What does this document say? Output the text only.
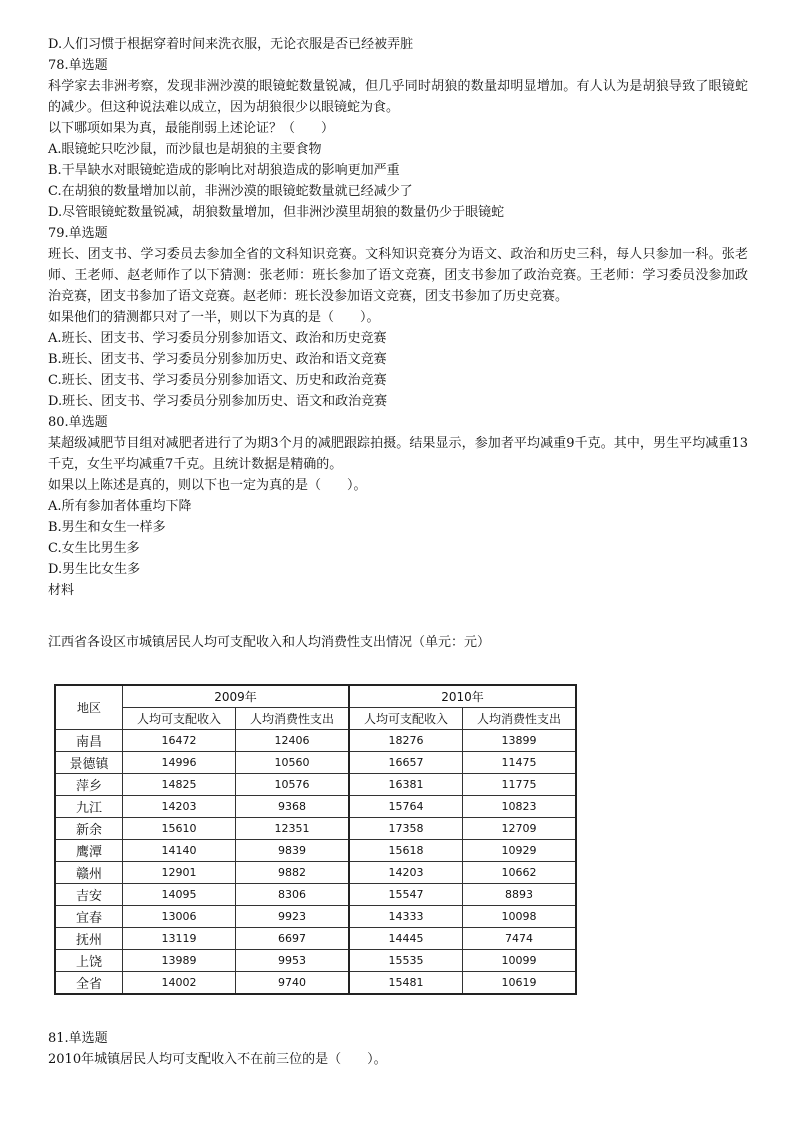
D.人们习惯于根据穿着时间来洗衣服，无论衣服是否已经被弄脏
78.单选题
科学家去非洲考察，发现非洲沙漠的眼镜蛇数量锐减，但几乎同时胡狼的数量却明显增加。有人认为是胡狼导致了眼镜蛇的减少。但这种说法难以成立，因为胡狼很少以眼镜蛇为食。
以下哪项如果为真，最能削弱上述论证？（　　）
A.眼镜蛇只吃沙鼠，而沙鼠也是胡狼的主要食物
B.干旱缺水对眼镜蛇造成的影响比对胡狼造成的影响更加严重
C.在胡狼的数量增加以前，非洲沙漠的眼镜蛇数量就已经减少了
D.尽管眼镜蛇数量锐减，胡狼数量增加，但非洲沙漠里胡狼的数量仍少于眼镜蛇
79.单选题
班长、团支书、学习委员去参加全省的文科知识竞赛。文科知识竞赛分为语文、政治和历史三科，每人只参加一科。张老师、王老师、赵老师作了以下猜测：张老师：班长参加了语文竞赛，团支书参加了政治竞赛。王老师：学习委员没参加政治竞赛，团支书参加了语文竞赛。赵老师：班长没参加语文竞赛，团支书参加了历史竞赛。
如果他们的猜测都只对了一半，则以下为真的是（　　）。
A.班长、团支书、学习委员分别参加语文、政治和历史竞赛
B.班长、团支书、学习委员分别参加历史、政治和语文竞赛
C.班长、团支书、学习委员分别参加语文、历史和政治竞赛
D.班长、团支书、学习委员分别参加历史、语文和政治竞赛
80.单选题
某超级减肥节目组对减肥者进行了为期3个月的减肥跟踪拍摄。结果显示，参加者平均减重9千克。其中，男生平均减重13千克，女生平均减重7千克。且统计数据是精确的。
如果以上陈述是真的，则以下也一定为真的是（　　）。
A.所有参加者体重均下降
B.男生和女生一样多
C.女生比男生多
D.男生比女生多
材料
江西省各设区市城镇居民人均可支配收入和人均消费性支出情况（单元：元）
地区	2009年		2010年	
	人均可支配收入	人均消费性支出	人均可支配收入	人均消费性支出
南昌	16472	12406	18276	13899
景德镇	14996	10560	16657	11475
萍乡	14825	10576	16381	11775
九江	14203	9368	15764	10823
新余	15610	12351	17358	12709
鹰潭	14140	9839	15618	10929
赣州	12901	9882	14203	10662
吉安	14095	8306	15547	8893
宜春	13006	9923	14333	10098
抚州	13119	6697	14445	7474
上饶	13989	9953	15535	10099
全省	14002	9740	15481	10619
81.单选题
2010年城镇居民人均可支配收入不在前三位的是（　　）。
